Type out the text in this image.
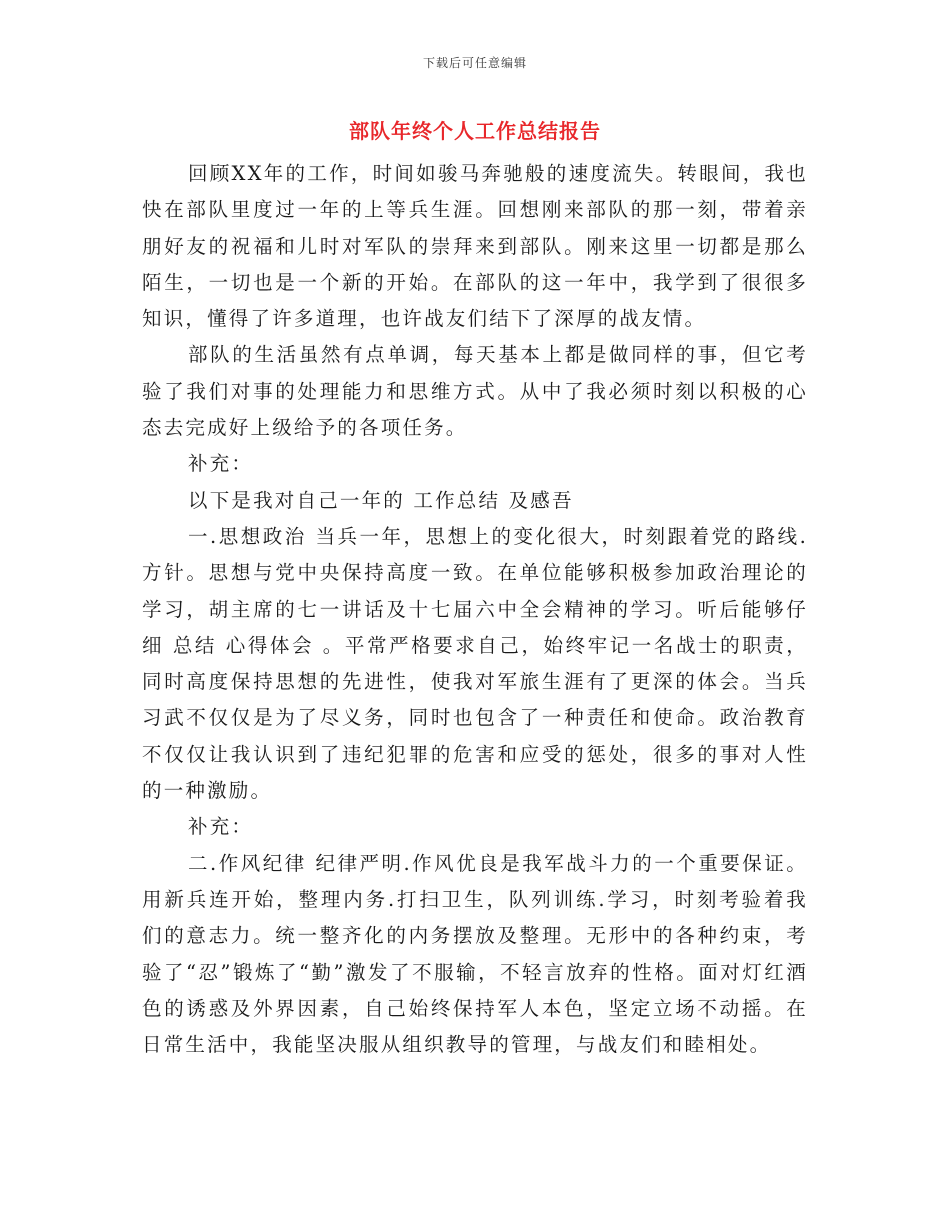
下载后可任意编辑
部队年终个人工作总结报告

回顾XX年的工作，时间如骏马奔驰般的速度流失。转眼间，我也快在部队里度过一年的上等兵生涯。回想刚来部队的那一刻，带着亲朋好友的祝福和儿时对军队的崇拜来到部队。刚来这里一切都是那么陌生，一切也是一个新的开始。在部队的这一年中，我学到了很很多知识，懂得了许多道理，也许战友们结下了深厚的战友情。

部队的生活虽然有点单调，每天基本上都是做同样的事，但它考验了我们对事的处理能力和思维方式。从中了我必须时刻以积极的心态去完成好上级给予的各项任务。

补充：

以下是我对自己一年的 工作总结 及感吾

一.思想政治 当兵一年，思想上的变化很大，时刻跟着党的路线.方针。思想与党中央保持高度一致。在单位能够积极参加政治理论的学习，胡主席的七一讲话及十七届六中全会精神的学习。听后能够仔细 总结 心得体会 。平常严格要求自己，始终牢记一名战士的职责，同时高度保持思想的先进性，使我对军旅生涯有了更深的体会。当兵习武不仅仅是为了尽义务，同时也包含了一种责任和使命。政治教育不仅仅让我认识到了违纪犯罪的危害和应受的惩处，很多的事对人性的一种激励。

补充：

二.作风纪律 纪律严明.作风优良是我军战斗力的一个重要保证。用新兵连开始，整理内务.打扫卫生，队列训练.学习，时刻考验着我们的意志力。统一整齐化的内务摆放及整理。无形中的各种约束，考验了“忍”锻炼了“勤”激发了不服输，不轻言放弃的性格。面对灯红酒色的诱惑及外界因素，自己始终保持军人本色，坚定立场不动摇。在日常生活中，我能坚决服从组织教导的管理，与战友们和睦相处。
